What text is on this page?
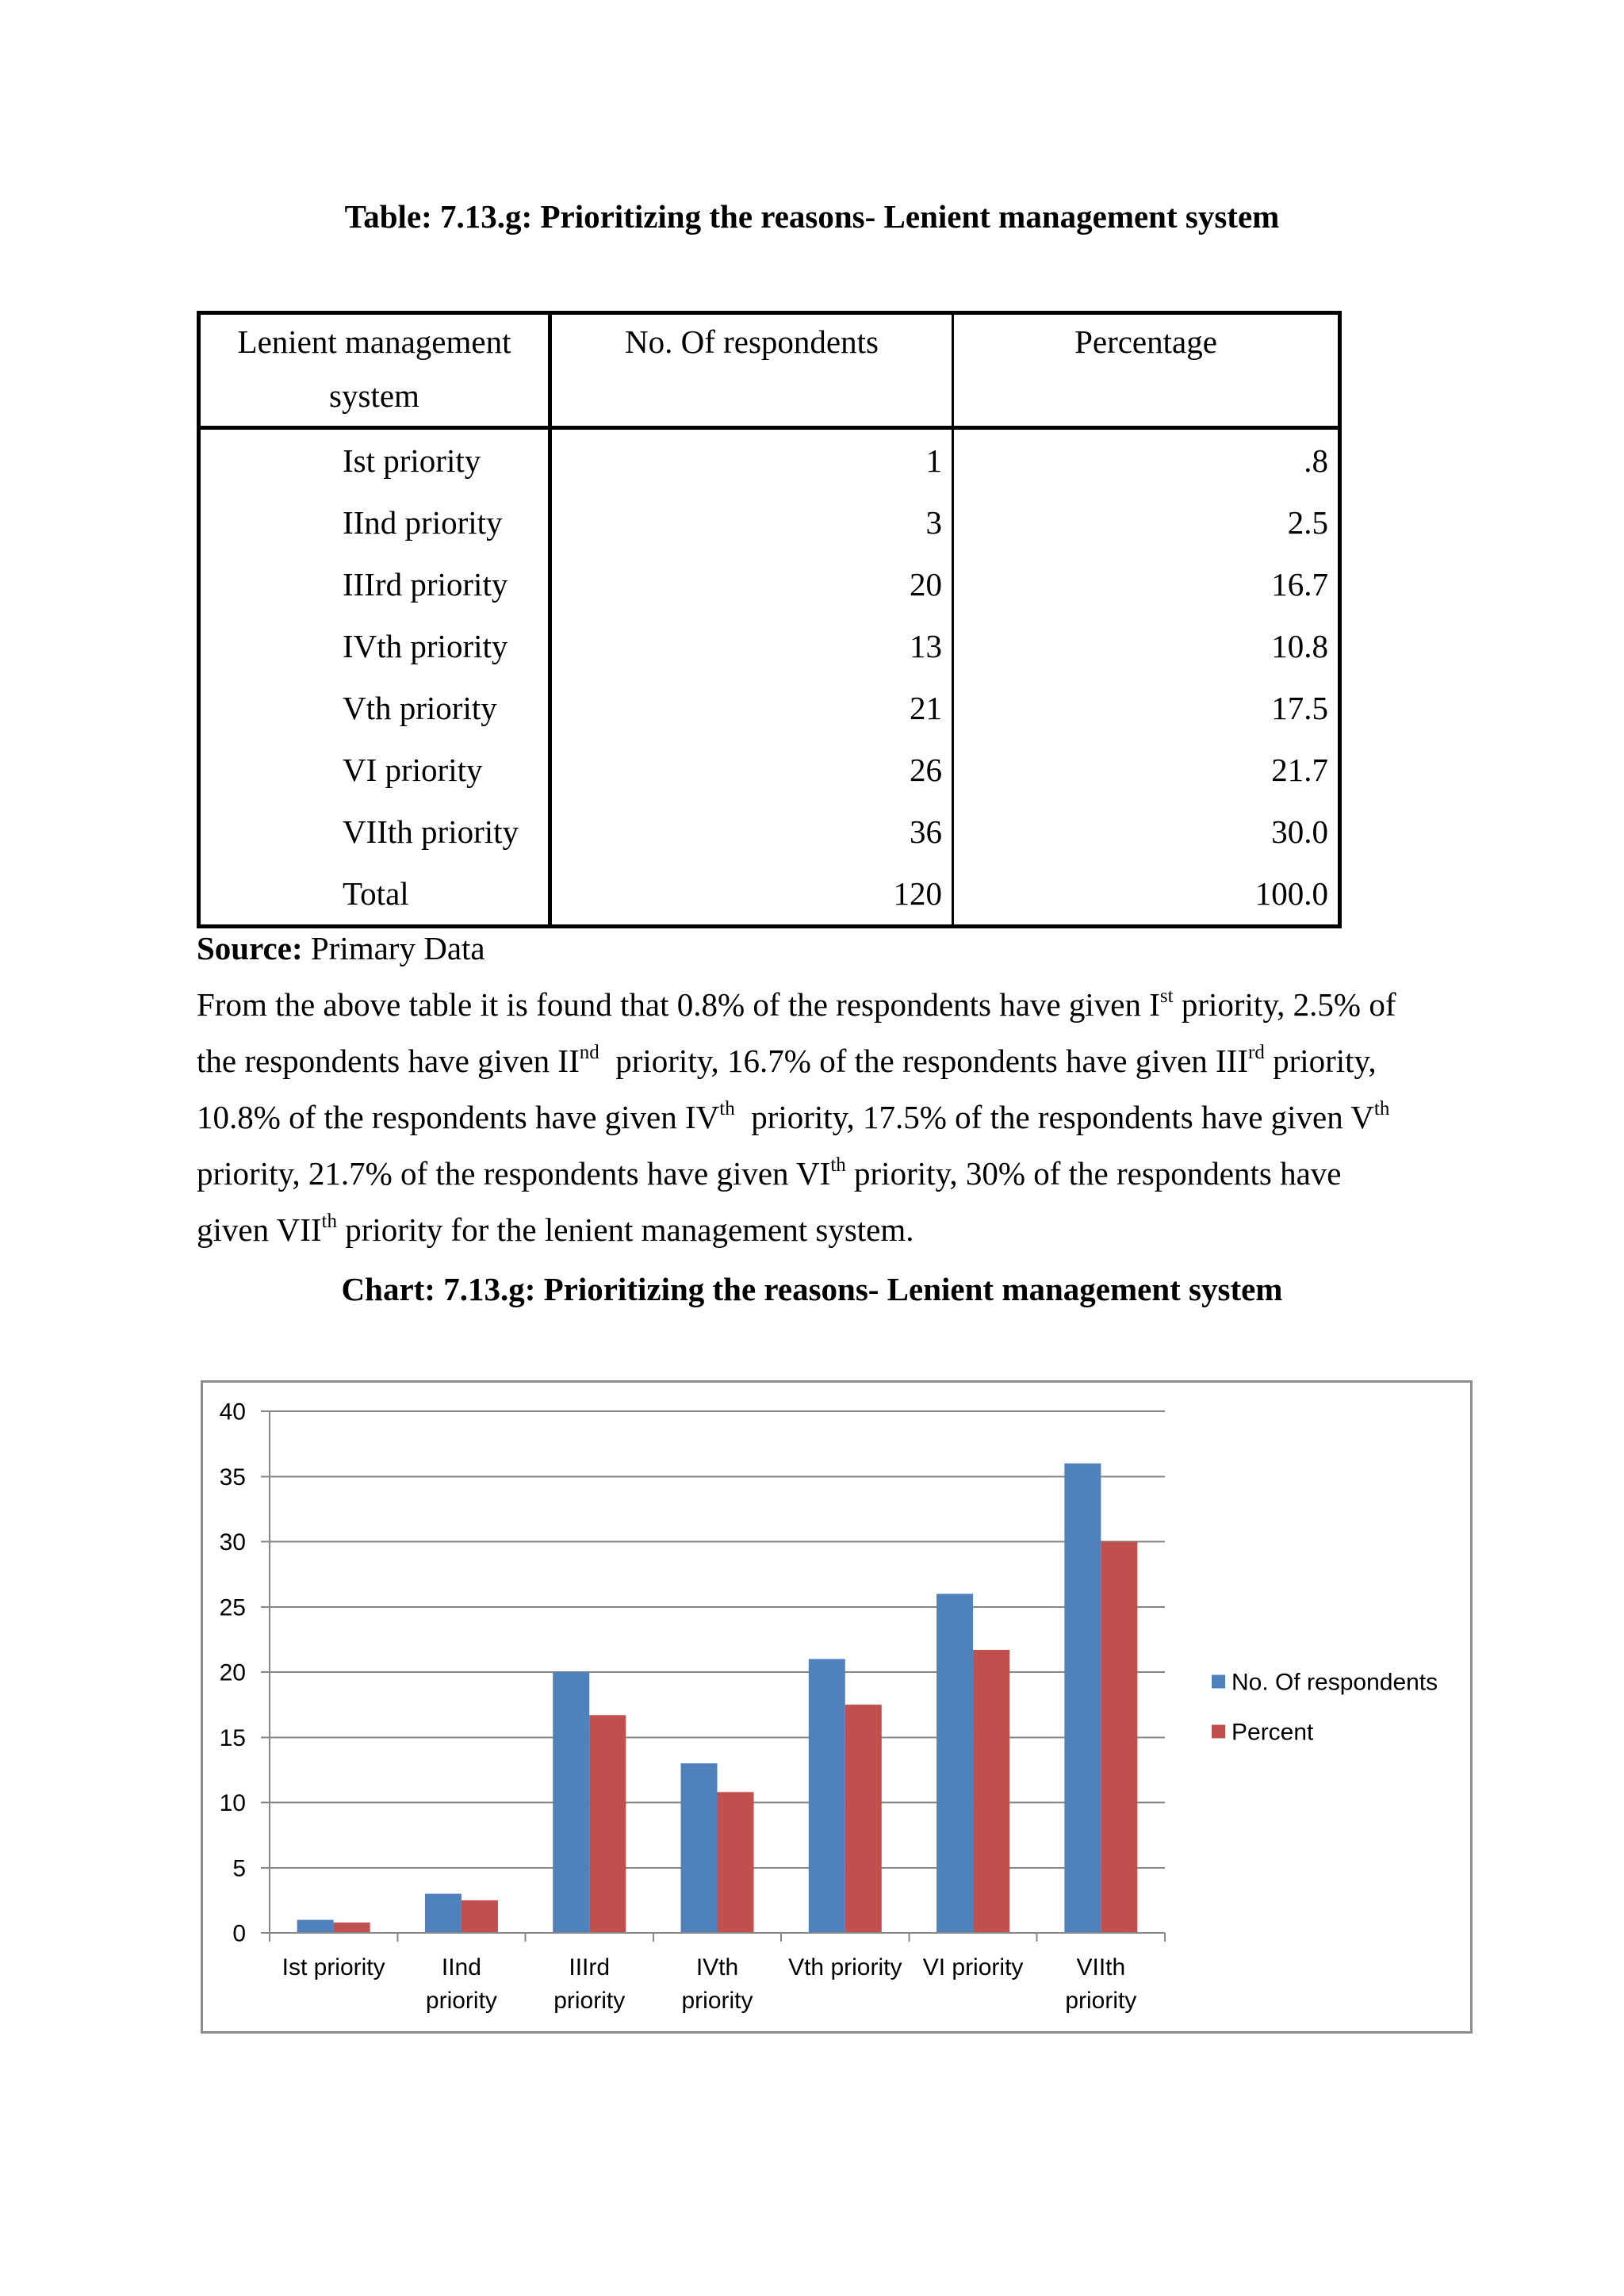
Table: 7.13.g: Prioritizing the reasons- Lenient management system
Lenient management system	No. Of respondents	Percentage
Ist priority	1	.8
IInd priority	3	2.5
IIIrd priority	20	16.7
IVth priority	13	10.8
Vth priority	21	17.5
VI priority	26	21.7
VIIth priority	36	30.0
Total	120	100.0
Source: Primary Data
From the above table it is found that 0.8% of the respondents have given Ist priority, 2.5% of
the respondents have given IInd  priority, 16.7% of the respondents have given IIIrd priority,
10.8% of the respondents have given IVth  priority, 17.5% of the respondents have given Vth
priority, 21.7% of the respondents have given VIth priority, 30% of the respondents have
given VIIth priority for the lenient management system.
Chart: 7.13.g: Prioritizing the reasons- Lenient management system
0
5
10
15
20
25
30
35
40
No. Of respondents
Percent
Ist priority	IInd priority
IIIrd priority
IVth priority
Vth priority VI priority	VIIth priority
